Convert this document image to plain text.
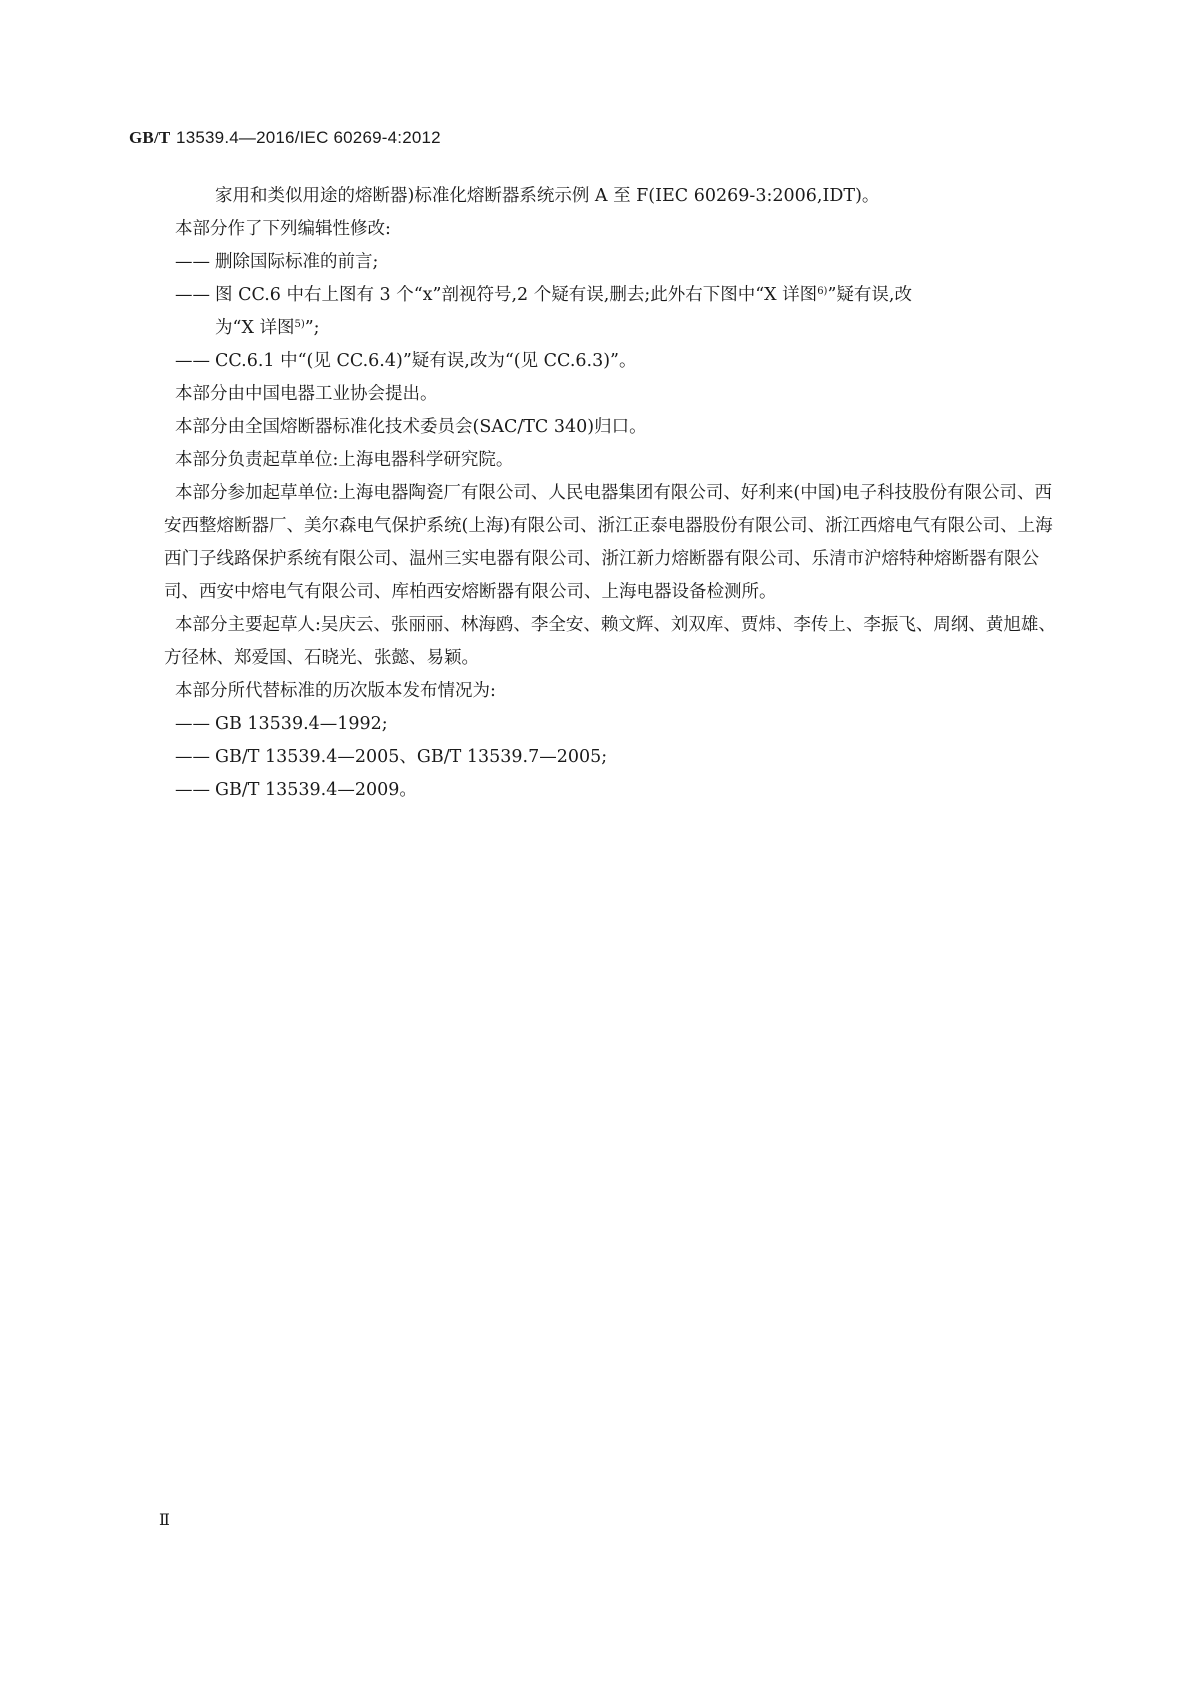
GB/T 13539.4—2016/IEC 60269-4:2012

家用和类似用途的熔断器)标准化熔断器系统示例 A 至 F(IEC 60269-3:2006,IDT)。

本部分作了下列编辑性修改:

—— 删除国际标准的前言;

—— 图 CC.6 中右上图有 3 个“x”剖视符号,2 个疑有误,删去;此外右下图中“X 详图$^{6)}$”疑有误,改
为“X 详图$^{5)}$”;

—— CC.6.1 中“(见 CC.6.4)”疑有误,改为“(见 CC.6.3)”。

本部分由中国电器工业协会提出。

本部分由全国熔断器标准化技术委员会(SAC/TC 340)归口。

本部分负责起草单位:上海电器科学研究院。

本部分参加起草单位:上海电器陶瓷厂有限公司、人民电器集团有限公司、好利来(中国)电子科技股份有限公司、西安西整熔断器厂、美尔森电气保护系统(上海)有限公司、浙江正泰电器股份有限公司、浙江西熔电气有限公司、上海西门子线路保护系统有限公司、温州三实电器有限公司、浙江新力熔断器有限公司、乐清市沪熔特种熔断器有限公司、西安中熔电气有限公司、库柏西安熔断器有限公司、上海电器设备检测所。

本部分主要起草人:吴庆云、张丽丽、林海鸥、李全安、赖文辉、刘双库、贾炜、李传上、李振飞、周纲、黄旭雄、方径林、郑爱国、石晓光、张懿、易颖。

本部分所代替标准的历次版本发布情况为:

—— GB 13539.4—1992;

—— GB/T 13539.4—2005、GB/T 13539.7—2005;

—— GB/T 13539.4—2009。

Ⅱ
